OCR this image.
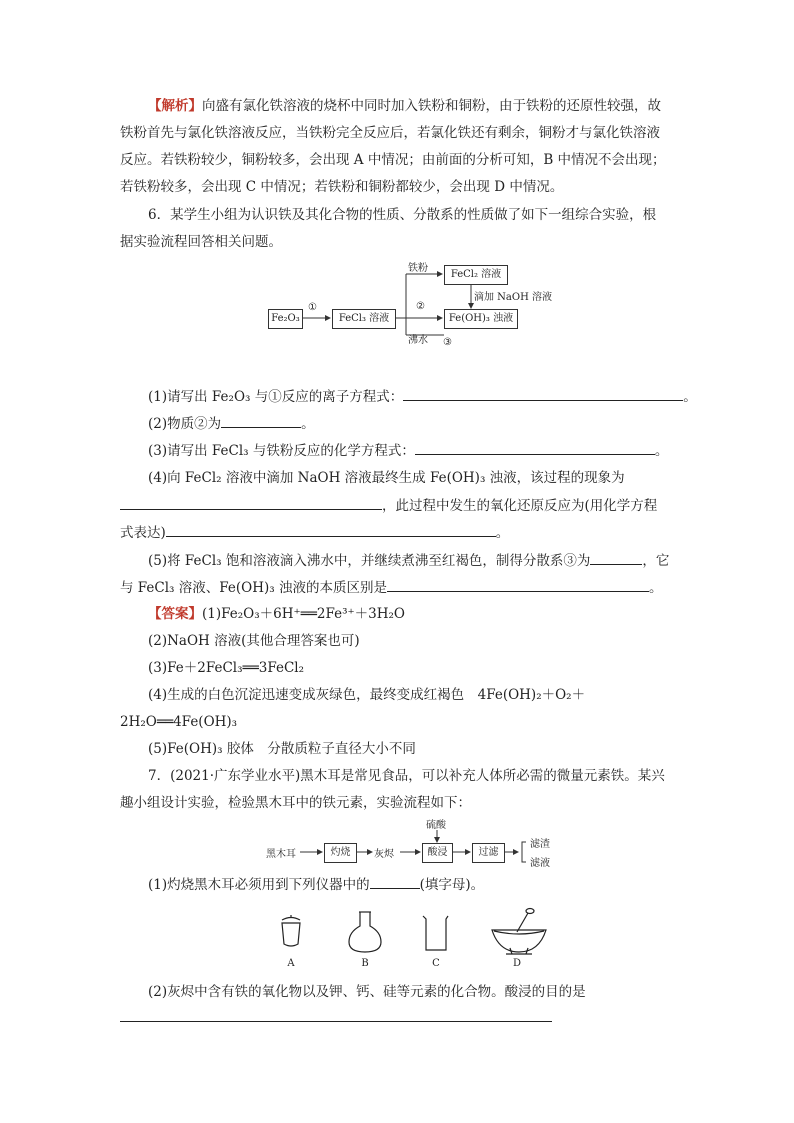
【解析】向盛有氯化铁溶液的烧杯中同时加入铁粉和铜粉，由于铁粉的还原性较强，故
铁粉首先与氯化铁溶液反应，当铁粉完全反应后，若氯化铁还有剩余，铜粉才与氯化铁溶液
反应。若铁粉较少，铜粉较多，会出现 A 中情况；由前面的分析可知，B 中情况不会出现；
若铁粉较多，会出现 C 中情况；若铁粉和铜粉都较少，会出现 D 中情况。
6．某学生小组为认识铁及其化合物的性质、分散系的性质做了如下一组综合实验，根
据实验流程回答相关问题。
Fe₂O₃
①
FeCl₃ 溶液
铁粉
FeCl₂ 溶液
滴加 NaOH 溶液
②
Fe(OH)₃ 浊液
沸水 ③
(1)请写出 Fe₂O₃ 与①反应的离子方程式：	。
(2)物质②为	。
(3)请写出 FeCl₃ 与铁粉反应的化学方程式：	。
(4)向 FeCl₂ 溶液中滴加 NaOH 溶液最终生成 Fe(OH)₃ 浊液，该过程的现象为
，此过程中发生的氧化还原反应为(用化学方程
式表达)	。
(5)将 FeCl₃ 饱和溶液滴入沸水中，并继续煮沸至红褐色，制得分散系③为	，它
与 FeCl₃ 溶液、Fe(OH)₃ 浊液的本质区别是	。
【答案】(1)Fe₂O₃＋6H⁺══2Fe³⁺＋3H₂O
(2)NaOH 溶液(其他合理答案也可)
(3)Fe＋2FeCl₃══3FeCl₂
(4)生成的白色沉淀迅速变成灰绿色，最终变成红褐色　4Fe(OH)₂＋O₂＋
2H₂O══4Fe(OH)₃
(5)Fe(OH)₃ 胶体　分散质粒子直径大小不同
7．(2021·广东学业水平)黑木耳是常见食品，可以补充人体所必需的微量元素铁。某兴
趣小组设计实验，检验黑木耳中的铁元素，实验流程如下：
黑木耳	灼烧	灰烬
硫酸
酸浸	过滤
滤渣
滤液
(1)灼烧黑木耳必须用到下列仪器中的	(填字母)。
A	B	C	D
(2)灰烬中含有铁的氧化物以及钾、钙、硅等元素的化合物。酸浸的目的是
